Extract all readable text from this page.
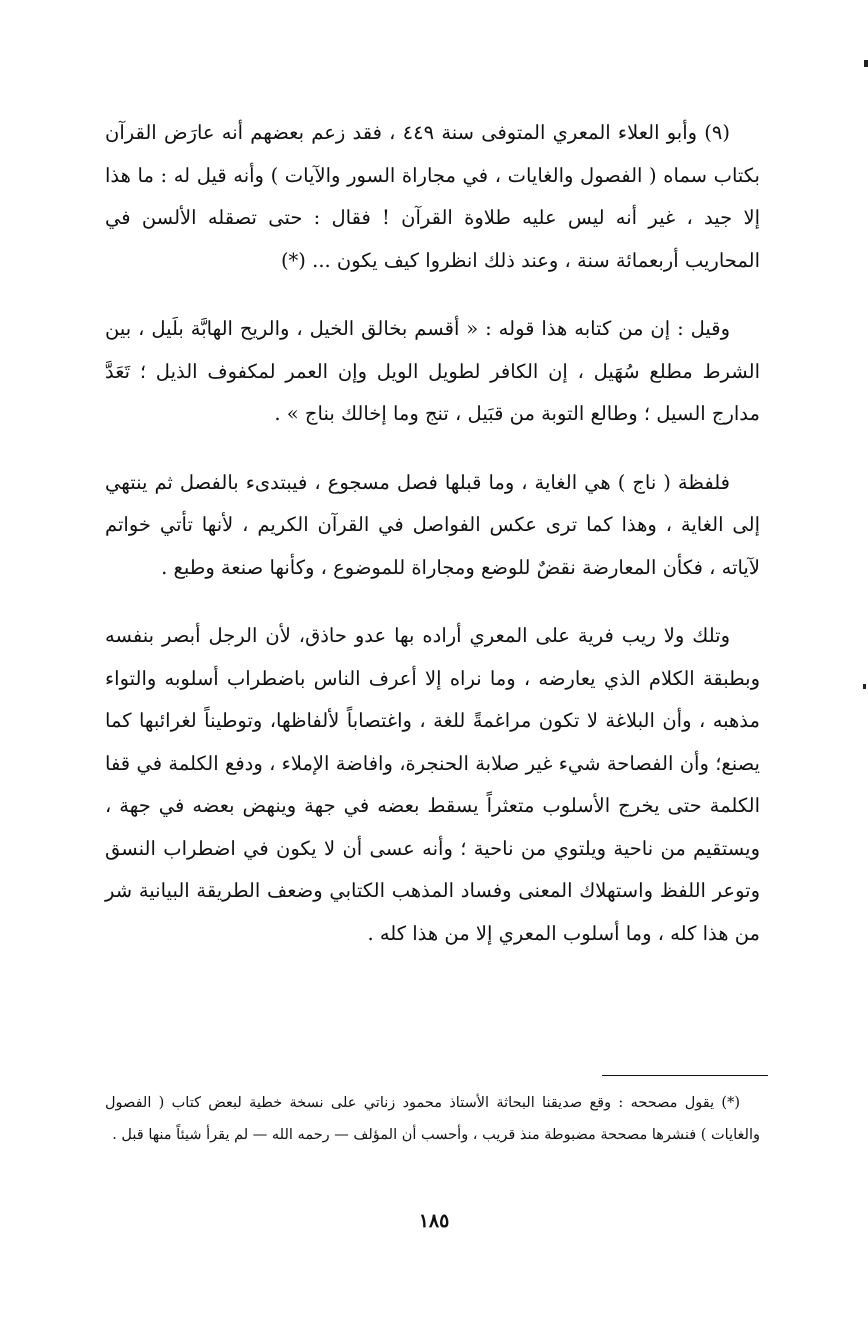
(٩) وأبو العلاء المعري المتوفى سنة ٤٤٩ ، فقد زعم بعضهم أنه عارَض القرآن بكتاب سماه ( الفصول والغايات ، في مجاراة السور والآيات ) وأنه قيل له : ما هذا إلا جيد ، غير أنه ليس عليه طلاوة القرآن ! فقال : حتى تصقله الألسن في المحاريب أربعمائة سنة ، وعند ذلك انظروا كيف يكون ... (*)

وقيل : إن من كتابه هذا قوله : « أقسم بخالق الخيل ، والريح الهابَّة بلَيل ، بين الشرط مطلع سُهَيل ، إن الكافر لطويل الويل وإن العمر لمكفوف الذيل ؛ تَعَدَّ مدارج السيل ؛ وطالع التوبة من قبَيل ، تنج وما إخالك بناج » .

فلفظة ( ناج ) هي الغاية ، وما قبلها فصل مسجوع ، فيبتدىء بالفصل ثم ينتهي إلى الغاية ، وهذا كما ترى عكس الفواصل في القرآن الكريم ، لأنها تأتي خواتم لآياته ، فكأن المعارضة نقضٌ للوضع ومجاراة للموضوع ، وكأنها صنعة وطبع .

وتلك ولا ريب فرية على المعري أراده بها عدو حاذق، لأن الرجل أبصر بنفسه وبطبقة الكلام الذي يعارضه ، وما نراه إلا أعرف الناس باضطراب أسلوبه والتواء مذهبه ، وأن البلاغة لا تكون مراغمةً للغة ، واغتصاباً لألفاظها، وتوطيناً لغرائبها كما يصنع؛ وأن الفصاحة شيء غير صلابة الحنجرة، وافاضة الإملاء ، ودفع الكلمة في قفا الكلمة حتى يخرج الأسلوب متعثراً يسقط بعضه في جهة وينهض بعضه في جهة ، ويستقيم من ناحية ويلتوي من ناحية ؛ وأنه عسى أن لا يكون في اضطراب النسق وتوعر اللفظ واستهلاك المعنى وفساد المذهب الكتابي وضعف الطريقة البيانية شر من هذا كله ، وما أسلوب المعري إلا من هذا كله .

(*) يقول مصححه : وقع صديقنا البحاثة الأستاذ محمود زناتي على نسخة خطية لبعض كتاب ( الفصول والغايات ) فنشرها مصححة مضبوطة منذ قريب ، وأحسب أن المؤلف — رحمه الله — لم يقرأ شيئاً منها قبل .

١٨٥
